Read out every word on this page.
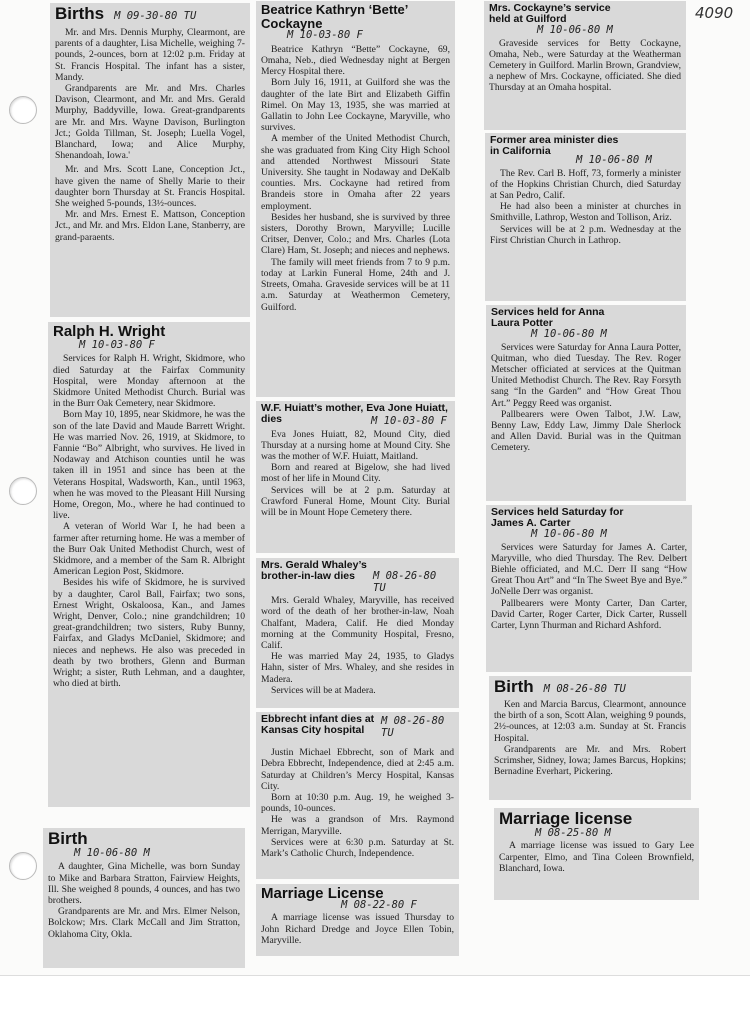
4090
Births M 09-30-80 TU

Mr. and Mrs. Dennis Murphy, Clearmont, are parents of a daughter, Lisa Michelle, weighing 7-pounds, 2-ounces, born at 12:02 p.m. Friday at St. Francis Hospital. The infant has a sister, Mandy.

Grandparents are Mr. and Mrs. Charles Davison, Clearmont, and Mr. and Mrs. Gerald Murphy, Baddyville, Iowa. Great-grandparents are Mr. and Mrs. Wayne Davison, Burlington Jct.; Golda Tillman, St. Joseph; Luella Vogel, Blanchard, Iowa; and Alice Murphy, Shenandoah, Iowa.'

Mr. and Mrs. Scott Lane, Conception Jct., have given the name of Shelly Marie to their daughter born Thursday at St. Francis Hospital. She weighed 5-pounds, 13½-ounces.

Mr. and Mrs. Ernest E. Mattson, Conception Jct., and Mr. and Mrs. Eldon Lane, Stanberry, are grand-paraents.

Ralph H. Wright
M 10-03-80 F

Services for Ralph H. Wright, Skidmore, who died Saturday at the Fairfax Community Hospital, were Monday afternoon at the Skidmore United Methodist Church. Burial was in the Burr Oak Cemetery, near Skidmore.

Born May 10, 1895, near Skidmore, he was the son of the late David and Maude Barrett Wright. He was married Nov. 26, 1919, at Skidmore, to Fannie “Bo” Albright, who survives. He lived in Nodaway and Atchison counties until he was taken ill in 1951 and since has been at the Veterans Hospital, Wadsworth, Kan., until 1963, when he was moved to the Pleasant Hill Nursing Home, Oregon, Mo., where he had continued to live.

A veteran of World War I, he had been a farmer after returning home. He was a member of the Burr Oak United Methodist Church, west of Skidmore, and a member of the Sam R. Albright American Legion Post, Skidmore.

Besides his wife of Skidmore, he is survived by a daughter, Carol Ball, Fairfax; two sons, Ernest Wright, Oskaloosa, Kan., and James Wright, Denver, Colo.; nine grandchildren; 10 great-grandchildren; two sisters, Ruby Bunny, Fairfax, and Gladys McDaniel, Skidmore; and nieces and nephews. He also was preceded in death by two brothers, Glenn and Burman Wright; a sister, Ruth Lehman, and a daughter, who died at birth.

Birth
M 10-06-80 M

A daughter, Gina Michelle, was born Sunday to Mike and Barbara Stratton, Fairview Heights, Ill. She weighed 8 pounds, 4 ounces, and has two brothers.

Grandparents are Mr. and Mrs. Elmer Nelson, Bolckow; Mrs. Clark McCall and Jim Stratton, Oklahoma City, Okla.

Beatrice Kathryn ‘Bette’ Cockayne
M 10-03-80 F

Beatrice Kathryn “Bette” Cockayne, 69, Omaha, Neb., died Wednesday night at Bergen Mercy Hospital there.

Born July 16, 1911, at Guilford she was the daughter of the late Birt and Elizabeth Giffin Rimel. On May 13, 1935, she was married at Gallatin to John Lee Cockayne, Maryville, who survives.

A member of the United Methodist Church, she was graduated from King City High School and attended Northwest Missouri State University. She taught in Nodaway and DeKalb counties. Mrs. Cockayne had retired from Brandeis store in Omaha after 22 years employment.

Besides her husband, she is survived by three sisters, Dorothy Brown, Maryville; Lucille Critser, Denver, Colo.; and Mrs. Charles (Lota Clare) Ham, St. Joseph; and nieces and nephews.

The family will meet friends from 7 to 9 p.m. today at Larkin Funeral Home, 24th and J. Streets, Omaha. Graveside services will be at 11 a.m. Saturday at Weathermon Cemetery, Guilford.

W.F. Huiatt’s mother, Eva Jone Huiatt, dies	M 10-03-80 F

Eva Jones Huiatt, 82, Mound City, died Thursday at a nursing home at Mound City. She was the mother of W.F. Huiatt, Maitland.

Born and reared at Bigelow, she had lived most of her life in Mound City.

Services will be at 2 p.m. Saturday at Crawford Funeral Home, Mount City. Burial will be in Mount Hope Cemetery there.

Mrs. Gerald Whaley’s brother-in-law dies	M 08-26-80 TU

Mrs. Gerald Whaley, Maryville, has received word of the death of her brother-in-law, Noah Chalfant, Madera, Calif. He died Monday morning at the Community Hospital, Fresno, Calif.

He was married May 24, 1935, to Gladys Hahn, sister of Mrs. Whaley, and she resides in Madera.

Services will be at Madera.

Ebbrecht infant dies at Kansas City hospital
M 08-26-80 TU

Justin Michael Ebbrecht, son of Mark and Debra Ebbrecht, Independence, died at 2:45 a.m. Saturday at Children’s Mercy Hospital, Kansas City.

Born at 10:30 p.m. Aug. 19, he weighed 3-pounds, 10-ounces.

He was a grandson of Mrs. Raymond Merrigan, Maryville.

Services were at 6:30 p.m. Saturday at St. Mark’s Catholic Church, Independence.

Marriage License
M 08-22-80 F

A marriage license was issued Thursday to John Richard Dredge and Joyce Ellen Tobin, Maryville.

Mrs. Cockayne’s service held at Guilford
M 10-06-80 M

Graveside services for Betty Cockayne, Omaha, Neb., were Saturday at the Weatherman Cemetery in Guilford. Marlin Brown, Grandview, a nephew of Mrs. Cockayne, officiated. She died Thursday at an Omaha hospital.

Former area minister dies in California
M 10-06-80 M

The Rev. Carl B. Hoff, 73, formerly a minister of the Hopkins Christian Church, died Saturday at San Pedro, Calif.

He had also been a minister at churches in Smithville, Lathrop, Weston and Tollison, Ariz.

Services will be at 2 p.m. Wednesday at the First Christian Church in Lathrop.

Services held for Anna Laura Potter
M 10-06-80 M

Services were Saturday for Anna Laura Potter, Quitman, who died Tuesday. The Rev. Roger Metscher officiated at services at the Quitman United Methodist Church. The Rev. Ray Forsyth sang “In the Garden” and “How Great Thou Art.” Peggy Reed was organist.

Pallbearers were Owen Talbot, J.W. Law, Benny Law, Eddy Law, Jimmy Dale Sherlock and Allen David. Burial was in the Quitman Cemetery.

Services held Saturday for James A. Carter
M 10-06-80 M

Services were Saturday for James A. Carter, Maryville, who died Thursday. The Rev. Delbert Biehle officiated, and M.C. Derr II sang “How Great Thou Art” and “In The Sweet Bye and Bye.” JoNelle Derr was organist.

Pallbearers were Monty Carter, Dan Carter, David Carter, Roger Carter, Dick Carter, Russell Carter, Lynn Thurman and Richard Ashford.

Birth M 08-26-80 TU

Ken and Marcia Barcus, Clearmont, announce the birth of a son, Scott Alan, weighing 9 pounds, 2½-ounces, at 12:03 a.m. Sunday at St. Francis Hospital.

Grandparents are Mr. and Mrs. Robert Scrimsher, Sidney, Iowa; James Barcus, Hopkins; Bernadine Everhart, Pickering.

Marriage license
M 08-25-80 M

A marriage license was issued to Gary Lee Carpenter, Elmo, and Tina Coleen Brownfield, Blanchard, Iowa.
